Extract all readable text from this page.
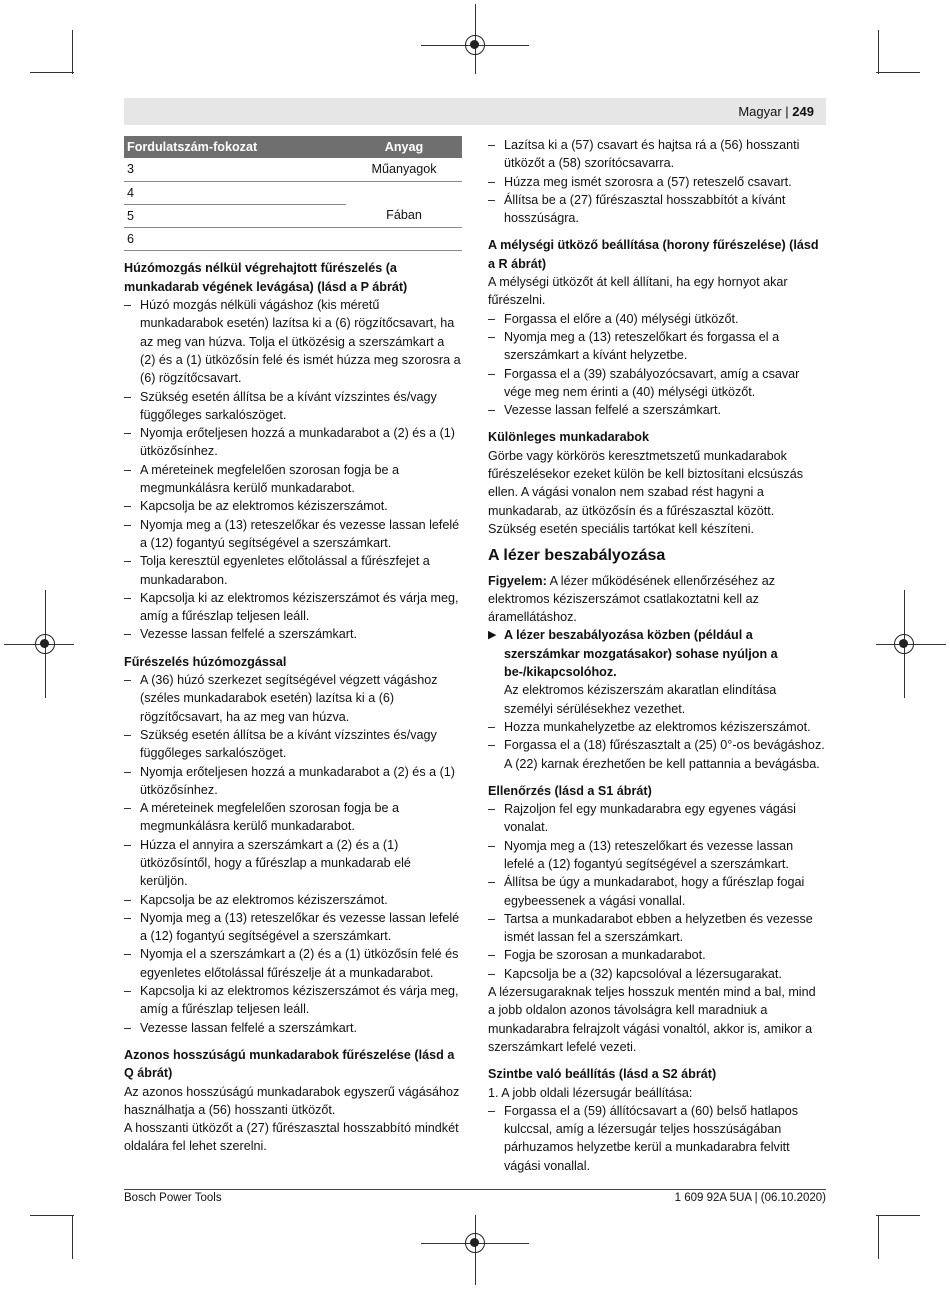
Magyar | 249
Fordulatszám-fokozat	Anyag
3	Műanyagok
4	
5	Fában
6	
Húzómozgás nélkül végrehajtott fűrészelés (a munkadarab végének levágása) (lásd a P ábrát)
– Húzó mozgás nélküli vágáshoz (kis méretű munkadarabok esetén) lazítsa ki a (6) rögzítőcsavart, ha az meg van húzva. Tolja el ütközésig a szerszámkart a (2) és a (1) ütközősín felé és ismét húzza meg szorosra a (6) rögzítőcsavart.
– Szükség esetén állítsa be a kívánt vízszintes és/vagy függőleges sarkalószöget.
– Nyomja erőteljesen hozzá a munkadarabot a (2) és a (1) ütközősínhez.
– A méreteinek megfelelően szorosan fogja be a megmunkálásra kerülő munkadarabot.
– Kapcsolja be az elektromos kéziszerszámot.
– Nyomja meg a (13) reteszelőkar és vezesse lassan lefelé a (12) fogantyú segítségével a szerszámkart.
– Tolja keresztül egyenletes előtolással a fűrészfejet a munkadarabon.
– Kapcsolja ki az elektromos kéziszerszámot és várja meg, amíg a fűrészlap teljesen leáll.
– Vezesse lassan felfelé a szerszámkart.
Fűrészelés húzómozgással
– A (36) húzó szerkezet segítségével végzett vágáshoz (széles munkadarabok esetén) lazítsa ki a (6) rögzítőcsavart, ha az meg van húzva.
– Szükség esetén állítsa be a kívánt vízszintes és/vagy függőleges sarkalószöget.
– Nyomja erőteljesen hozzá a munkadarabot a (2) és a (1) ütközősínhez.
– A méreteinek megfelelően szorosan fogja be a megmunkálásra kerülő munkadarabot.
– Húzza el annyira a szerszámkart a (2) és a (1) ütközősíntől, hogy a fűrészlap a munkadarab elé kerüljön.
– Kapcsolja be az elektromos kéziszerszámot.
– Nyomja meg a (13) reteszelőkar és vezesse lassan lefelé a (12) fogantyú segítségével a szerszámkart.
– Nyomja el a szerszámkart a (2) és a (1) ütközősín felé és egyenletes előtolással fűrészelje át a munkadarabot.
– Kapcsolja ki az elektromos kéziszerszámot és várja meg, amíg a fűrészlap teljesen leáll.
– Vezesse lassan felfelé a szerszámkart.
Azonos hosszúságú munkadarabok fűrészelése (lásd a Q ábrát)

Az azonos hosszúságú munkadarabok egyszerű vágásához használhatja a (56) hosszanti ütközőt.

A hosszanti ütközőt a (27) fűrészasztal hosszabbító mindkét oldalára fel lehet szerelni.

– Lazítsa ki a (57) csavart és hajtsa rá a (56) hosszanti ütközőt a (58) szorítócsavarra.
– Húzza meg ismét szorosra a (57) reteszelő csavart.
– Állítsa be a (27) fűrészasztal hosszabbítót a kívánt hosszúságra.
A mélységi ütköző beállítása (horony fűrészelése) (lásd a R ábrát)

A mélységi ütközőt át kell állítani, ha egy hornyot akar fűrészelni.

– Forgassa el előre a (40) mélységi ütközőt.
– Nyomja meg a (13) reteszelőkart és forgassa el a szerszámkart a kívánt helyzetbe.
– Forgassa el a (39) szabályozócsavart, amíg a csavar vége meg nem érinti a (40) mélységi ütközőt.
– Vezesse lassan felfelé a szerszámkart.
Különleges munkadarabok

Görbe vagy körkörös keresztmetszetű munkadarabok fűrészelésekor ezeket külön be kell biztosítani elcsúszás ellen. A vágási vonalon nem szabad rést hagyni a munkadarab, az ütközősín és a fűrészasztal között.

Szükség esetén speciális tartókat kell készíteni.

A lézer beszabályozása

Figyelem: A lézer működésének ellenőrzéséhez az elektromos kéziszerszámot csatlakoztatni kell az áramellátáshoz.

▶ A lézer beszabályozása közben (például a szerszámkar mozgatásakor) sohase nyúljon a be-/kikapcsolóhoz.

Az elektromos kéziszerszám akaratlan elindítása személyi sérülésekhez vezethet.

– Hozza munkahelyzetbe az elektromos kéziszerszámot.
– Forgassa el a (18) fűrészasztalt a (25) 0°-os bevágáshoz. A (22) karnak érezhetően be kell pattannia a bevágásba.
Ellenőrzés (lásd a S1 ábrát)
– Rajzoljon fel egy munkadarabra egy egyenes vágási vonalat.
– Nyomja meg a (13) reteszelőkart és vezesse lassan lefelé a (12) fogantyú segítségével a szerszámkart.
– Állítsa be úgy a munkadarabot, hogy a fűrészlap fogai egybeessenek a vágási vonallal.
– Tartsa a munkadarabot ebben a helyzetben és vezesse ismét lassan fel a szerszámkart.
– Fogja be szorosan a munkadarabot.
– Kapcsolja be a (32) kapcsolóval a lézersugarakat.

A lézersugaraknak teljes hosszuk mentén mind a bal, mind a jobb oldalon azonos távolságra kell maradniuk a munkadarabra felrajzolt vágási vonaltól, akkor is, amikor a szerszámkart lefelé vezeti.

Szintbe való beállítás (lásd a S2 ábrát)

1. A jobb oldali lézersugár beállítása:

– Forgassa el a (59) állítócsavart a (60) belső hatlapos kulccsal, amíg a lézersugár teljes hosszúságában párhuzamos helyzetbe kerül a munkadarabra felvitt vágási vonallal.
Bosch Power Tools	1 609 92A 5UA | (06.10.2020)
